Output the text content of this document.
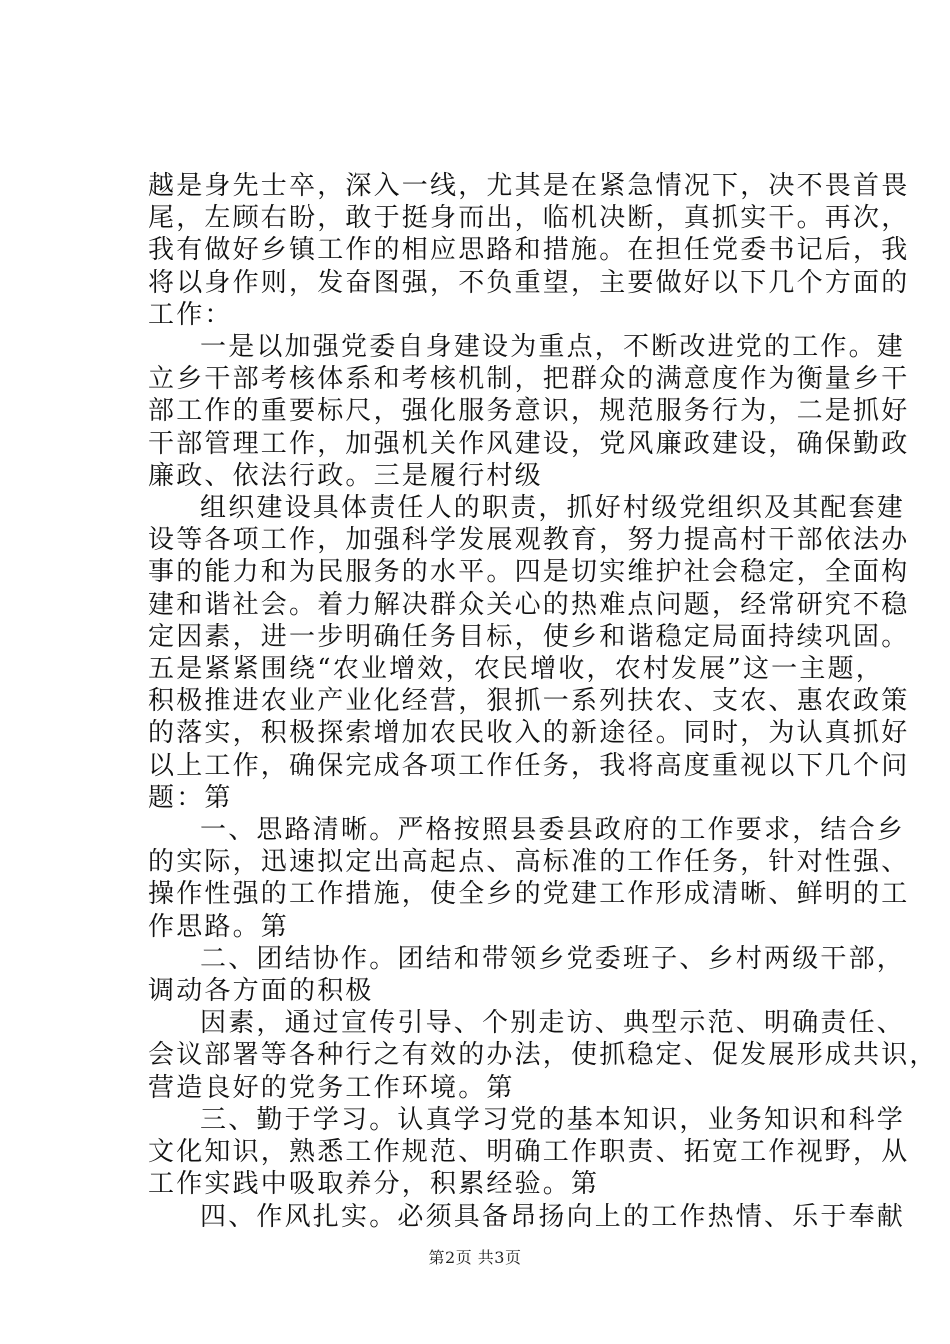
越是身先士卒，深入一线，尤其是在紧急情况下，决不畏首畏
尾，左顾右盼，敢于挺身而出，临机决断，真抓实干。再次，
我有做好乡镇工作的相应思路和措施。在担任党委书记后，我
将以身作则，发奋图强，不负重望，主要做好以下几个方面的
工作：
一是以加强党委自身建设为重点，不断改进党的工作。建
立乡干部考核体系和考核机制，把群众的满意度作为衡量乡干
部工作的重要标尺，强化服务意识，规范服务行为，二是抓好
干部管理工作，加强机关作风建设，党风廉政建设，确保勤政
廉政、依法行政。三是履行村级
组织建设具体责任人的职责，抓好村级党组织及其配套建
设等各项工作，加强科学发展观教育，努力提高村干部依法办
事的能力和为民服务的水平。四是切实维护社会稳定，全面构
建和谐社会。着力解决群众关心的热难点问题，经常研究不稳
定因素，进一步明确任务目标，使乡和谐稳定局面持续巩固。
五是紧紧围绕“农业增效，农民增收，农村发展”这一主题，
积极推进农业产业化经营，狠抓一系列扶农、支农、惠农政策
的落实，积极探索增加农民收入的新途径。同时，为认真抓好
以上工作，确保完成各项工作任务，我将高度重视以下几个问
题：第
一、思路清晰。严格按照县委县政府的工作要求，结合乡
的实际，迅速拟定出高起点、高标准的工作任务，针对性强、
操作性强的工作措施，使全乡的党建工作形成清晰、鲜明的工
作思路。第
二、团结协作。团结和带领乡党委班子、乡村两级干部，
调动各方面的积极
因素，通过宣传引导、个别走访、典型示范、明确责任、
会议部署等各种行之有效的办法，使抓稳定、促发展形成共识，
营造良好的党务工作环境。第
三、勤于学习。认真学习党的基本知识，业务知识和科学
文化知识，熟悉工作规范、明确工作职责、拓宽工作视野，从
工作实践中吸取养分，积累经验。第
四、作风扎实。必须具备昂扬向上的工作热情、乐于奉献
第2页 共3页
